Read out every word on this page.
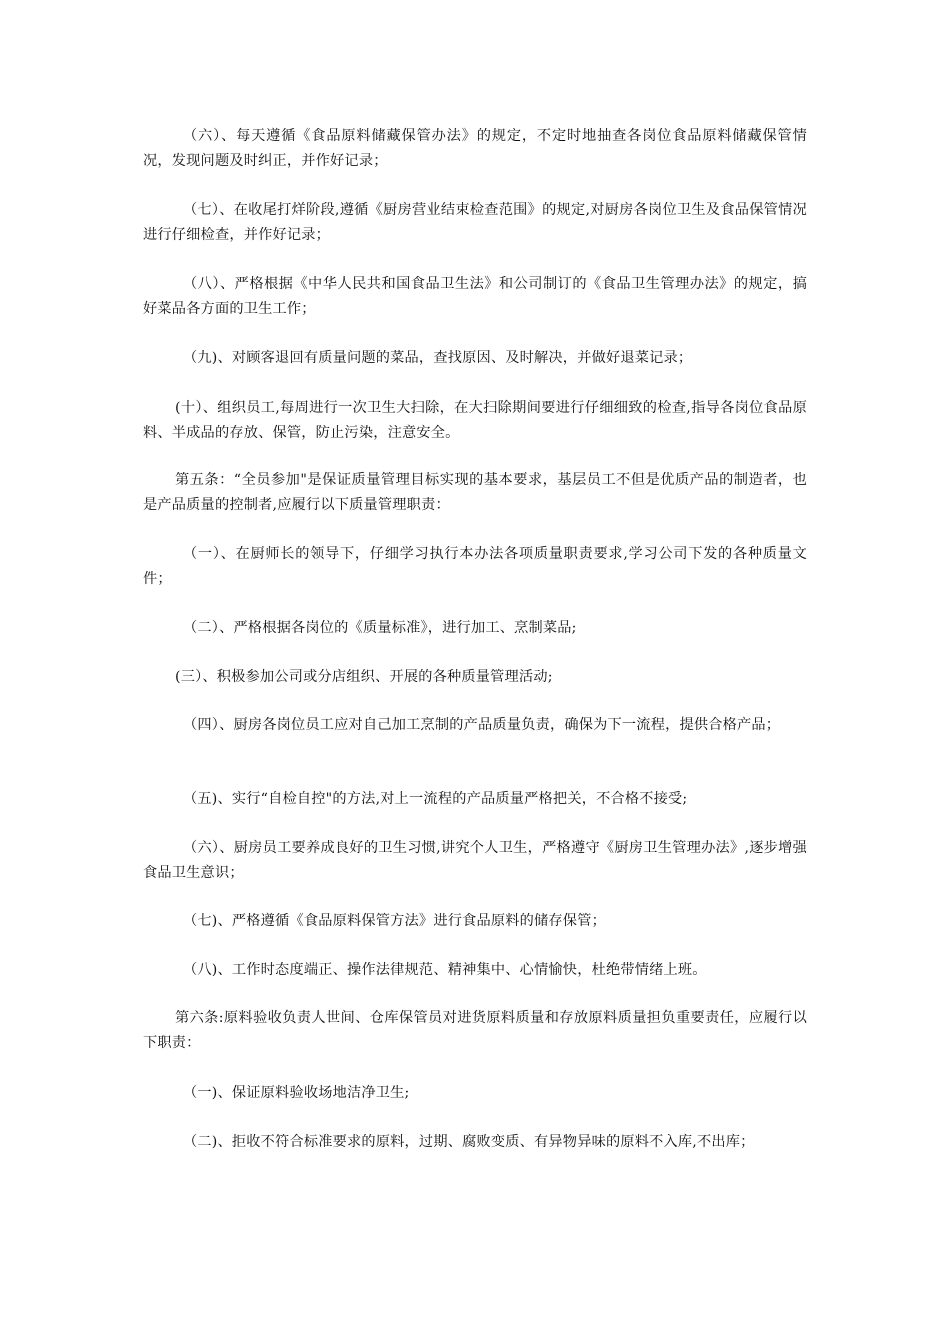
（六）、每天遵循《食品原料储藏保管办法》的规定，不定时地抽查各岗位食品原料储藏保管情况，发现问题及时纠正，并作好记录；

（七）、在收尾打烊阶段,遵循《厨房营业结束检查范围》的规定,对厨房各岗位卫生及食品保管情况进行仔细检查，并作好记录；

（八）、严格根据《中华人民共和国食品卫生法》和公司制订的《食品卫生管理办法》的规定，搞好菜品各方面的卫生工作；

（九)、对顾客退回有质量问题的菜品，查找原因、及时解决，并做好退菜记录；

(十）、组织员工,每周进行一次卫生大扫除，在大扫除期间要进行仔细细致的检查,指导各岗位食品原料、半成品的存放、保管，防止污染，注意安全。

第五条：“全员参加"是保证质量管理目标实现的基本要求，基层员工不但是优质产品的制造者，也是产品质量的控制者,应履行以下质量管理职责：

（一）、在厨师长的领导下，仔细学习执行本办法各项质量职责要求,学习公司下发的各种质量文件；

（二）、严格根据各岗位的《质量标准》，进行加工、烹制菜品;

(三）、积极参加公司或分店组织、开展的各种质量管理活动;

（四）、厨房各岗位员工应对自己加工烹制的产品质量负责，确保为下一流程，提供合格产品；

（五)、实行“自检自控"的方法,对上一流程的产品质量严格把关，不合格不接受;

（六）、厨房员工要养成良好的卫生习惯,讲究个人卫生，严格遵守《厨房卫生管理办法》,逐步增强食品卫生意识；

（七)、严格遵循《食品原料保管方法》进行食品原料的储存保管；

（八)、工作时态度端正、操作法律规范、精神集中、心情愉快，杜绝带情绪上班。

第六条:原料验收负责人世间、仓库保管员对进货原料质量和存放原料质量担负重要责任，应履行以下职责：

（一)、保证原料验收场地洁净卫生;

（二)、拒收不符合标准要求的原料，过期、腐败变质、有异物异味的原料不入库,不出库；
